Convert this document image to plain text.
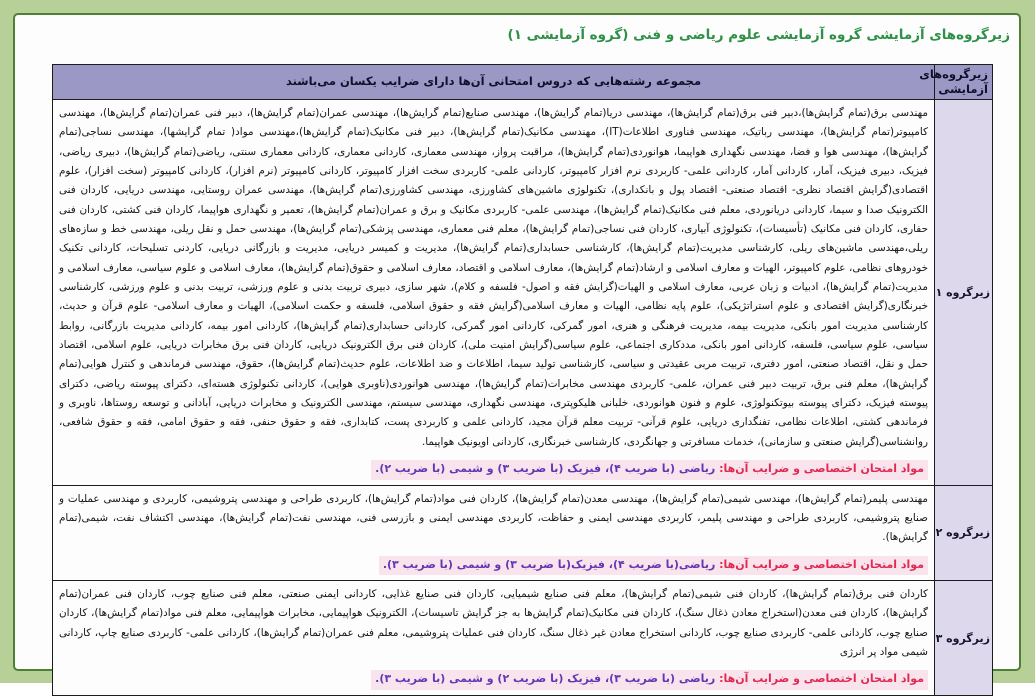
زیرگروه‌های آزمایشی گروه آزمایشی علوم ریاضی و فنی (گروه آزمایشی ۱)
زیرگروه‌های آزمایشی	مجموعه رشته‌هایی که دروس امتحانی آن‌ها دارای ضرایب یکسان می‌باشند
زیرگروه ۱	مهندسی برق(تمام گرایش‌ها)،دبیر فنی برق(تمام گرایش‌ها)، مهندسی دریا(تمام گرایش‌ها)، مهندسی صنایع(تمام گرایش‌ها)، مهندسی عمران(تمام گرایش‌ها)، دبیر فنی عمران(تمام گرایش‌ها)، مهندسی کامپیوتر(تمام گرایش‌ها)، مهندسی رباتیک، مهندسی فناوری اطلاعات(IT)، مهندسی مکانیک(تمام گرایش‌ها)، دبیر فنی مکانیک(تمام گرایش‌ها)،مهندسی مواد( تمام گرایشها)، مهندسی نساجی(تمام گرایش‌ها)، مهندسی هوا و فضا، مهندسی نگهداری هواپیما، هوانوردی(تمام گرایش‌ها)، مراقبت پرواز، مهندسی معماری، کاردانی معماری، کاردانی معماری سنتی، ریاضی(تمام گرایش‌ها)، دبیری ریاضی، فیزیک، دبیری فیزیک، آمار، کاردانی آمار، کاردانی علمی- کاربردی نرم افزار کامپیوتر، کاردانی علمی- کاربردی سخت افزار کامپیوتر، کاردانی کامپیوتر (نرم افزار)، کاردانی کامپیوتر (سخت افزار)، علوم اقتصادی(گرایش اقتصاد نظری- اقتصاد صنعتی- اقتصاد پول و بانکداری)، تکنولوژی ماشین‌های کشاورزی، مهندسی کشاورزی(تمام گرایش‌ها)، مهندسی عمران روستایی، مهندسی دریایی، کاردان فنی الکترونیک صدا و سیما، کاردانی دریانوردی، معلم فنی مکانیک(تمام گرایش‌ها)، مهندسی علمی- کاربردی مکانیک و برق و عمران(تمام گرایش‌ها)، تعمیر و نگهداری هواپیما، کاردان فنی کشتی، کاردان فنی حفاری، کاردان فنی مکانیک (تأسیسات)، تکنولوژی آبیاری، کاردان فنی نساجی(تمام گرایش‌ها)، معلم فنی معماری، مهندسی پزشکی(تمام گرایش‌ها)، مهندسی حمل و نقل ریلی، مهندسی خط و سازه‌های ریلی،مهندسی ماشین‌های ریلی، کارشناسی مدیریت(تمام گرایش‌ها)، کارشناسی حسابداری(تمام گرایش‌ها)، مدیریت و کمیسر دریایی، مدیریت و بازرگانی دریایی، کاردنی تسلیحات، کاردانی تکنیک خودروهای نظامی، علوم کامپیوتر، الهیات و معارف اسلامی و ارشاد(تمام گرایش‌ها)، معارف اسلامی و اقتصاد، معارف اسلامی و حقوق(تمام گرایش‌ها)، معارف اسلامی و علوم سیاسی، معارف اسلامی و مدیریت(تمام گرایش‌ها)، ادبیات و زبان عربی، معارف اسلامی و الهیات(گرایش فقه و اصول- فلسفه و کلام)، شهر سازی، دبیری تربیت بدنی و علوم ورزشی، تربیت بدنی و علوم ورزشی، کارشناسی خبرنگاری(گرایش اقتصادی و علوم استراتژیکی)، علوم پایه نظامی، الهیات و معارف اسلامی(گرایش فقه و حقوق اسلامی، فلسفه و حکمت اسلامی)، الهیات و معارف اسلامی- علوم قرآن و حدیث، کارشناسی مدیریت امور بانکی، مدیریت بیمه، مدیریت فرهنگی و هنری، امور گمرکی، کاردانی امور گمرکی، کاردانی حسابداری(تمام گرایش‌ها)، کاردانی امور بیمه، کاردانی مدیریت بازرگانی، روابط سیاسی، علوم سیاسی، فلسفه، کاردانی امور بانکی، مددکاری اجتماعی، علوم سیاسی(گرایش امنیت ملی)، کاردان فنی برق الکترونیک دریایی، کاردان فنی برق مخابرات دریایی، علوم اسلامی، اقتصاد حمل و نقل، اقتصاد صنعتی، امور دفتری، تربیت مربی عقیدتی و سیاسی، کارشناسی تولید سیما، اطلاعات و ضد اطلاعات، علوم حدیث(تمام گرایش‌ها)، حقوق، مهندسی فرماندهی و کنترل هوایی(تمام گرایش‌ها)، معلم فنی برق، تربیت دبیر فنی عمران، علمی- کاربردی مهندسی مخابرات(تمام گرایش‌ها)، مهندسی هوانوردی(ناوبری هوایی)، کاردانی تکنولوژی هسته‌ای، دکترای پیوسته ریاضی، دکترای پیوسته فیزیک، دکترای پیوسته بیوتکنولوژی، علوم و فنون هوانوردی، خلبانی هلیکوپتری، مهندسی نگهداری، مهندسی سیستم، مهندسی الکترونیک و مخابرات دریایی، آبادانی و توسعه روستاها، ناوبری و فرماندهی کشتی، اطلاعات نظامی، تفنگداری دریایی، علوم قرآنی- تربیت معلم قرآن مجید، کاردانی علمی و کاربردی پست، کتابداری، فقه و حقوق حنفی، فقه و حقوق امامی، فقه و حقوق شافعی، روانشناسی(گرایش صنعتی و سازمانی)، خدمات مسافرتی و جهانگردی، کارشناسی خبرنگاری، کاردانی اویونیک هواپیما.
مواد امتحان اختصاصی و ضرایب آن‌ها: ریاضی (با ضریب ۴)، فیزیک (با ضریب ۳) و شیمی (با ضریب ۲).

زیرگروه ۲	مهندسی پلیمر(تمام گرایش‌ها)، مهندسی شیمی(تمام گرایش‌ها)، مهندسی معدن(تمام گرایش‌ها)، کاردان فنی مواد(تمام گرایش‌ها)، کاربردی طراحی و مهندسی پتروشیمی، کاربردی و مهندسی عملیات و صنایع پتروشیمی، کاربردی طراحی و مهندسی پلیمر، کاربردی مهندسی ایمنی و حفاظت، کاربردی مهندسی ایمنی و بازرسی فنی، مهندسی نفت(تمام گرایش‌ها)، مهندسی اکتشاف نفت، شیمی(تمام گرایش‌ها).
مواد امتحان اختصاصی و ضرایب آن‌ها: ریاضی(با ضریب ۴)، فیزیک(با ضریب ۳) و شیمی (با ضریب ۳).

زیرگروه ۳	کاردان فنی برق(تمام گرایش‌ها)، کاردان فنی شیمی(تمام گرایش‌ها)، معلم فنی صنایع شیمیایی، کاردان فنی صنایع غذایی، کاردانی ایمنی صنعتی، معلم فنی صنایع چوب، کاردان فنی عمران(تمام گرایش‌ها)، کاردان فنی معدن(استخراج معادن ذغال سنگ)، کاردان فنی مکانیک(تمام گرایش‌ها به جز گرایش تاسیسات)، الکترونیک هواپیمایی، مخابرات هواپیمایی، معلم فنی مواد(تمام گرایش‌ها)، کاردان صنایع چوب، کاردانی علمی- کاربردی صنایع چوب، کاردانی استخراج معادن غیر ذغال سنگ، کاردان فنی عملیات پتروشیمی، معلم فنی عمران(تمام گرایش‌ها)، کاردانی علمی- کاربردی صنایع چاپ، کاردانی شیمی مواد پر انرژی
مواد امتحان اختصاصی و ضرایب آن‌ها: ریاضی (با ضریب ۳)، فیزیک (با ضریب ۲) و شیمی (با ضریب ۳).
